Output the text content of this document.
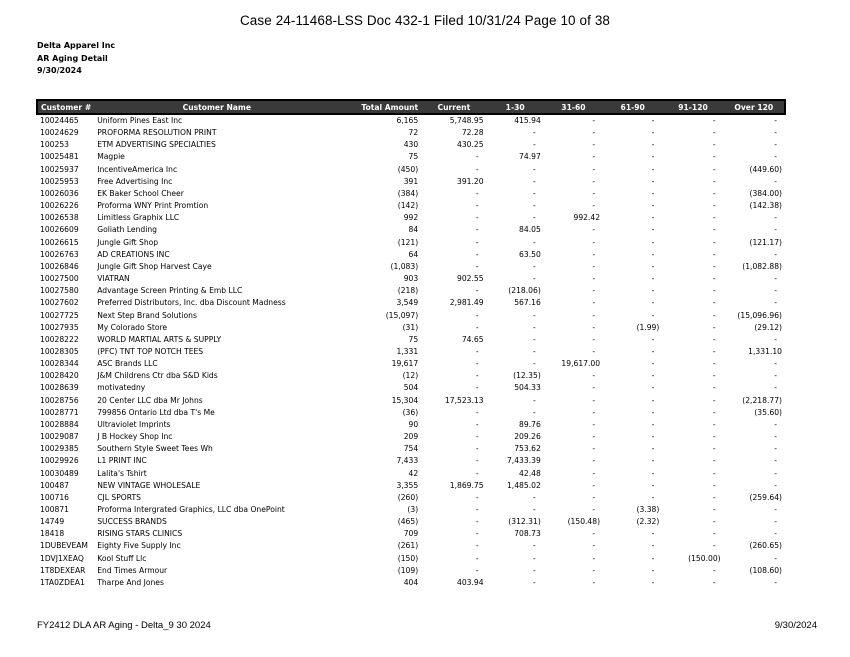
Case 24-11468-LSS Doc 432-1 Filed 10/31/24 Page 10 of 38
Delta Apparel Inc
AR Aging Detail
9/30/2024
Customer #	Customer Name	Total Amount	Current	1-30	31-60	61-90	91-120	Over 120
10024465	Uniform Pines East Inc	6,165	5,748.95	415.94	-	-	-	-
10024629	PROFORMA RESOLUTION PRINT	72	72.28	-	-	-	-	-
100253	ETM ADVERTISING SPECIALTIES	430	430.25	-	-	-	-	-
10025481	Magpie	75	-	74.97	-	-	-	-
10025937	IncentiveAmerica Inc	(450)	-	-	-	-	-	(449.60)
10025953	Free Advertising Inc	391	391.20	-	-	-	-	-
10026036	EK Baker School Cheer	(384)	-	-	-	-	-	(384.00)
10026226	Proforma WNY Print Promtion	(142)	-	-	-	-	-	(142.38)
10026538	Limitless Graphix LLC	992	-	-	992.42	-	-	-
10026609	Goliath Lending	84	-	84.05	-	-	-	-
10026615	Jungle Gift Shop	(121)	-	-	-	-	-	(121.17)
10026763	AD CREATIONS INC	64	-	63.50	-	-	-	-
10026846	Jungle Gift Shop Harvest Caye	(1,083)	-	-	-	-	-	(1,082.88)
10027500	VIATRAN	903	902.55	-	-	-	-	-
10027580	Advantage Screen Printing & Emb LLC	(218)	-	(218.06)	-	-	-	-
10027602	Preferred Distributors, Inc. dba Discount Madness	3,549	2,981.49	567.16	-	-	-	-
10027725	Next Step Brand Solutions	(15,097)	-	-	-	-	-	(15,096.96)
10027935	My Colorado Store	(31)	-	-	-	(1.99)	-	(29.12)
10028222	WORLD MARTIAL ARTS & SUPPLY	75	74.65	-	-	-	-	-
10028305	(PFC) TNT TOP NOTCH TEES	1,331	-	-	-	-	-	1,331.10
10028344	ASC Brands LLC	19,617	-	-	19,617.00	-	-	-
10028420	J&M Childrens Ctr dba S&D Kids	(12)	-	(12.35)	-	-	-	-
10028639	motivatedny	504	-	504.33	-	-	-	-
10028756	20 Center LLC dba Mr Johns	15,304	17,523.13	-	-	-	-	(2,218.77)
10028771	799856 Ontario Ltd dba T's Me	(36)	-	-	-	-	-	(35.60)
10028884	Ultraviolet Imprints	90	-	89.76	-	-	-	-
10029087	J B Hockey Shop Inc	209	-	209.26	-	-	-	-
10029385	Southern Style Sweet Tees Wh	754	-	753.62	-	-	-	-
10029926	L1 PRINT INC	7,433	-	7,433.39	-	-	-	-
10030489	Lalita's Tshirt	42	-	42.48	-	-	-	-
100487	NEW VINTAGE WHOLESALE	3,355	1,869.75	1,485.02	-	-	-	-
100716	CJL SPORTS	(260)	-	-	-	-	-	(259.64)
100871	Proforma Intergrated Graphics, LLC dba OnePoint	(3)	-	-	-	(3.38)	-	-
14749	SUCCESS BRANDS	(465)	-	(312.31)	(150.48)	(2.32)	-	-
18418	RISING STARS CLINICS	709	-	708.73	-	-	-	-
1DUBEVEAM	Eighty Five Supply Inc	(261)	-	-	-	-	-	(260.65)
1DVJ1XEAQ	Kool Stuff Llc	(150)	-	-	-	-	(150.00)	-
1T8DEXEAR	End Times Armour	(109)	-	-	-	-	-	(108.60)
1TA0ZDEA1	Tharpe And Jones	404	403.94	-	-	-	-	-
FY2412 DLA AR Aging - Delta_9 30 2024	9/30/2024
